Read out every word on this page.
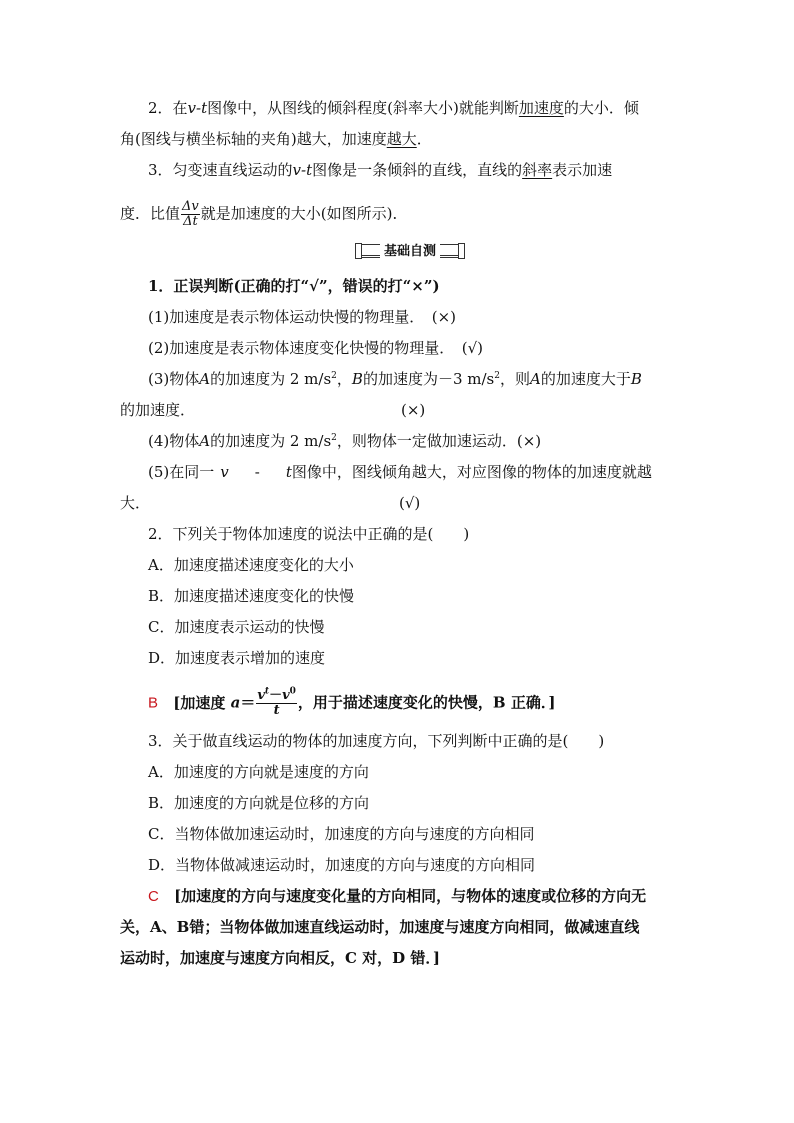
2．在v-t图像中，从图线的倾斜程度(斜率大小)就能判断加速度的大小．倾
角(图线与横坐标轴的夹角)越大，加速度越大．
3．匀变速直线运动的v-t图像是一条倾斜的直线，直线的斜率表示加速
度．比值 $\frac{\Delta v}{\Delta t}$ 就是加速度的大小(如图所示)．
基础自测
1．正误判断(正确的打“√”，错误的打“×”)
(1)加速度是表示物体运动快慢的物理量．　(×)
(2)加速度是表示物体速度变化快慢的物理量．　(√)
(3)物体A的加速度为 2 $m/s^2$，B的加速度为－3 $m/s^2$，则A的加速度大于B
的加速度．	(×)
(4)物体A的加速度为 2 $m/s^2$，则物体一定做加速运动．(×)
(5)在同一 v - t图像中，图线倾角越大，对应图像的物体的加速度就越
大．	(√)
2．下列关于物体加速度的说法中正确的是(　　)
A．加速度描述速度变化的大小
B．加速度描述速度变化的快慢
C．加速度表示运动的快慢
D．加速度表示增加的速度
B [加速度 $a= \frac{v^t-v^0}{t}$ ，用于描述速度变化的快慢，B 正确．]
3．关于做直线运动的物体的加速度方向，下列判断中正确的是(　　)
A．加速度的方向就是速度的方向
B．加速度的方向就是位移的方向
C．当物体做加速运动时，加速度的方向与速度的方向相同
D．当物体做减速运动时，加速度的方向与速度的方向相同
C [加速度的方向与速度变化量的方向相同，与物体的速度或位移的方向无
关，A、B错；当物体做加速直线运动时，加速度与速度方向相同，做减速直线
运动时，加速度与速度方向相反，C 对，D 错．]
